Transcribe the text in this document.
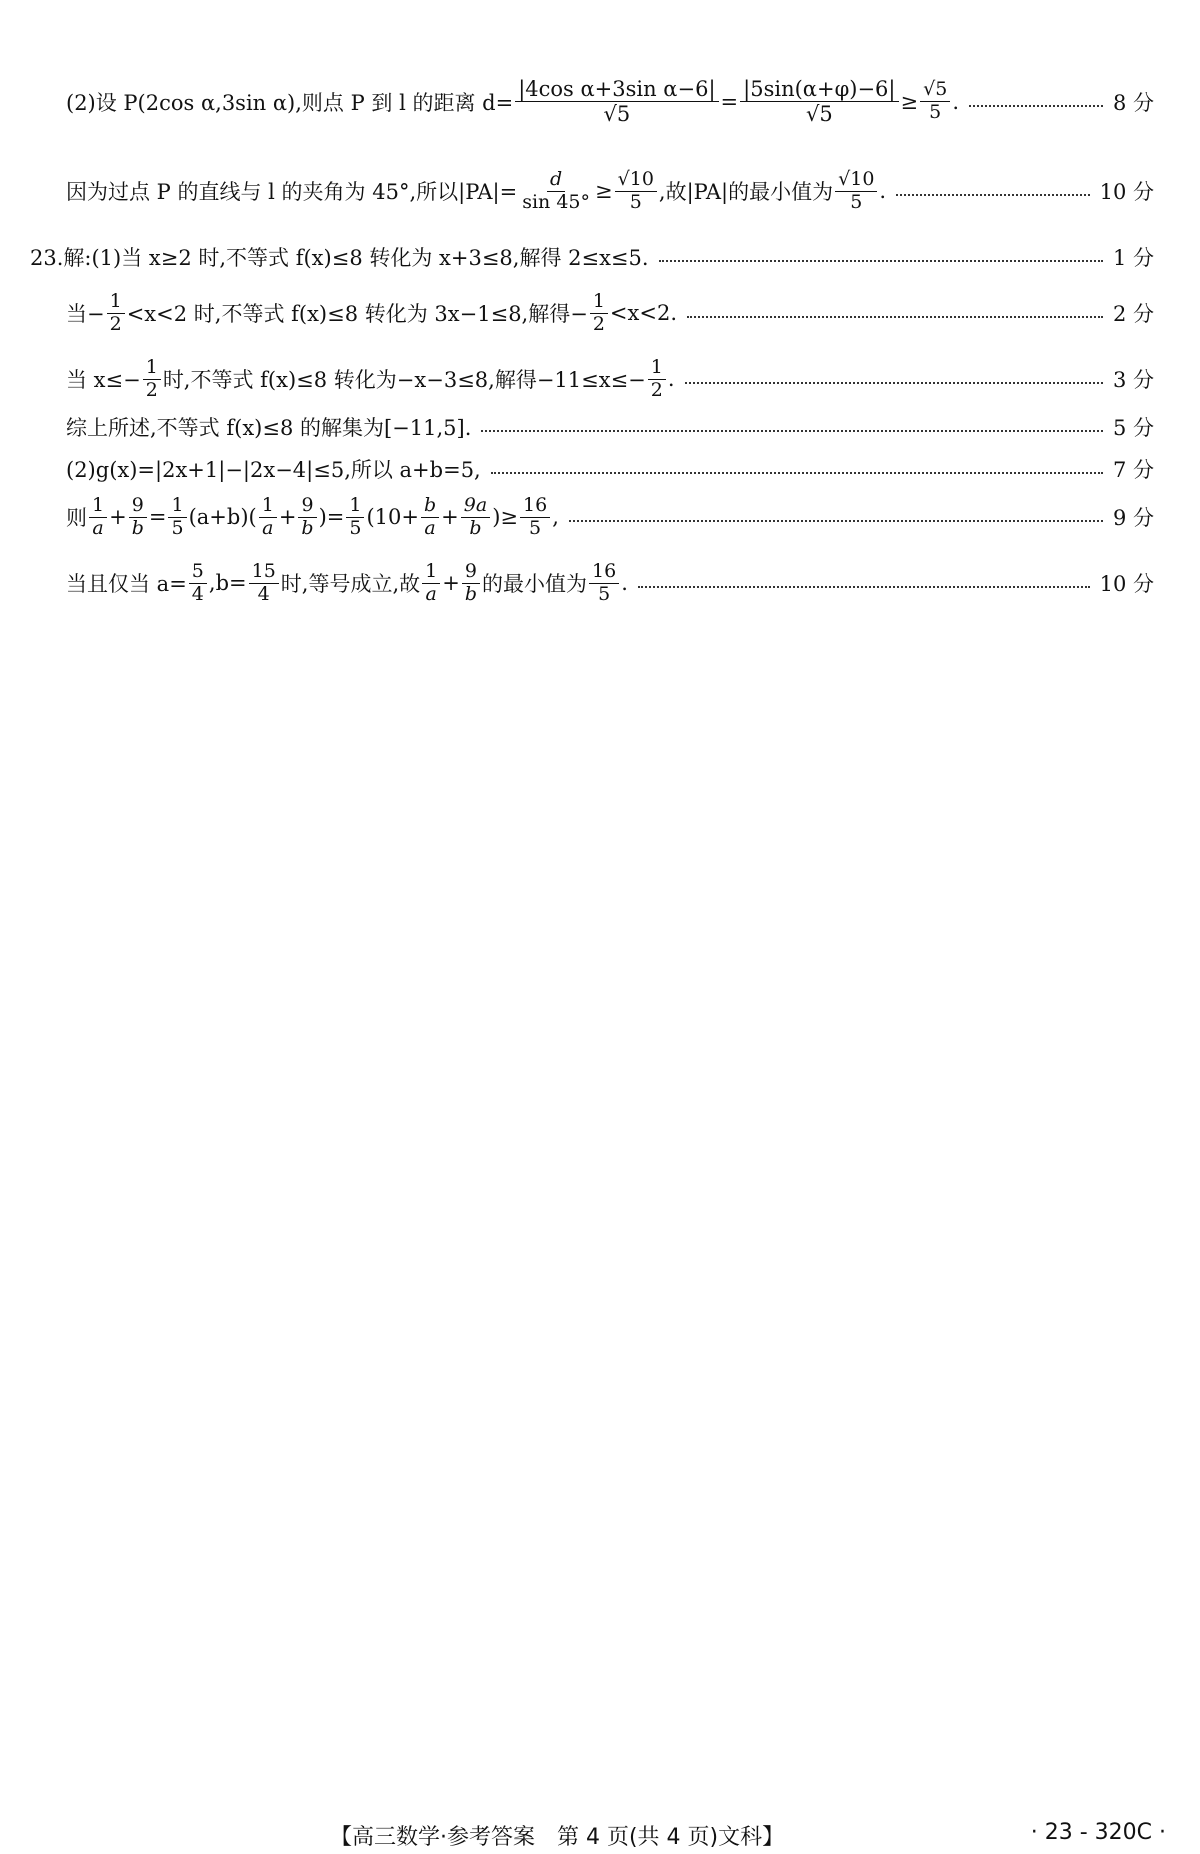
(2)设 P(2cos α,3sin α),则点 P 到 l 的距离 $d= \frac{\text{|4cos α+3sin α−6|}}{√5} = \frac{|5\sin(\alpha+\varphi)-6|}{√5} \ge \frac{√5}{5}$ .	8 分
因为过点 P 的直线与 l 的夹角为 45°,所以$|PA|= \frac{d}{\sin 45^\circ} \ge \frac{√10}{5}$ ,故|PA|的最小值为 $\frac{√10}{5}$ .	10 分
23.解:(1)当 x≥2 时,不等式 f(x)≤8 转化为 x+3≤8,解得 2≤x≤5.	1 分
当− $\frac{1}{2} <x<2$ 时,不等式 f(x)≤8 转化为 3x−1≤8,解得− $\frac{1}{2} <x<2$.	2 分
当 $x\le- \frac{1}{2}$ 时,不等式 f(x)≤8 转化为−x−3≤8,解得$-11\le x\le- \frac{1}{2}$ .	3 分
综上所述,不等式 f(x)≤8 的解集为[−11,5].	5 分
(2)g(x)=|2x+1|−|2x−4|≤5,所以 a+b=5,	7 分
则 $\frac{1}{a} + \frac{9}{b} = \frac{1}{5} (a+b)( \frac{1}{a} + \frac{9}{b}$ )= $\frac{1}{5} (10+ \frac{b}{a} + \frac{9a}{b}$ )≥ $\frac{16}{5}$ ,	9 分
当且仅当 $a= \frac{5}{4} ,b= \frac{15}{4}$ 时,等号成立,故 $\frac{1}{a} + \frac{9}{b}$ 的最小值为 $\frac{16}{5}$ .	10 分
【高三数学·参考答案　第 4 页(共 4 页)文科】	· 23 - 320C ·
